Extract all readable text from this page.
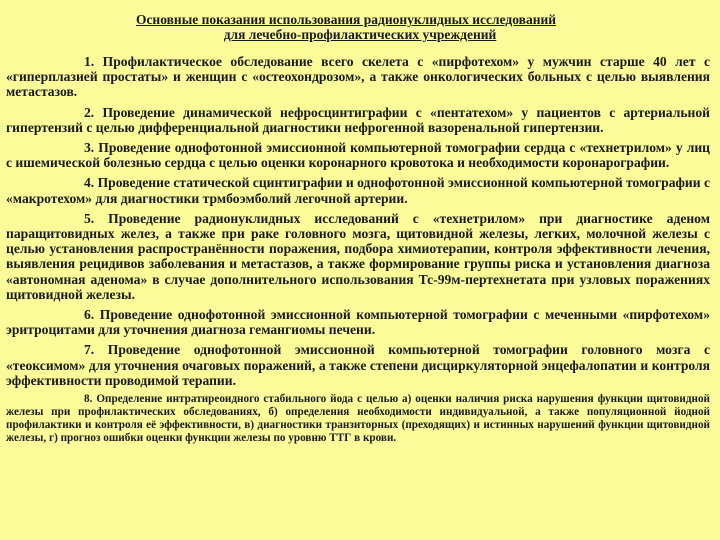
Основные показания использования радионуклидных исследований
для лечебно-профилактических учреждений

1. Профилактическое обследование всего скелета с «пирфотехом» у мужчин старше 40 лет с «гиперплазией простаты» и женщин с «остеохондрозом», а также онкологических больных с целью выявления метастазов.

2. Проведение динамической нефросцинтиграфии с «пентатехом» у пациентов с артериальной гипертензий с целью дифференциальной диагностики нефрогенной вазоренальной гипертензии.

3. Проведение однофотонной эмиссионной компьютерной томографии сердца с «технетрилом» у лиц с ишемической болезнью сердца с целью оценки коронарного кровотока и необходимости коронарографии.

4. Проведение статической сцинтиграфии и однофотонной эмиссионной компьютерной томографии с «макротехом» для диагностики трмбоэмболий легочной артерии.

5. Проведение радионуклидных исследований с «технетрилом» при диагностике аденом паращитовидных желез, а также при раке головного мозга, щитовидной железы, легких, молочной железы с целью установления распространённости поражения, подбора химиотерапии, контроля эффективности лечения, выявления рецидивов заболевания и метастазов, а также формирование группы риска и установления диагноза «автономная аденома» в случае дополнительного использования Тс-99м-пертехнетата при узловых поражениях щитовидной железы.

6. Проведение однофотонной эмиссионной компьютерной томографии с меченными «пирфотехом» эритроцитами для уточнения диагноза гемангиомы печени.

7. Проведение однофотонной эмиссионной компьютерной томографии головного мозга с «теоксимом» для уточнения очаговых поражений, а также степени дисциркуляторной энцефалопатии и контроля эффективности проводимой терапии.

8. Определение интратиреоидного стабильного йода с целью а) оценки наличия риска нарушения функции щитовидной железы при профилактических обследованиях, б) определения необходимости индивидуальной, а также популяционной йодной профилактики и контроля её эффективности, в) диагностики транзиторных (преходящих) и истинных нарушений функции щитовидной железы, г) прогноз ошибки оценки функции железы по уровню ТТГ в крови.
